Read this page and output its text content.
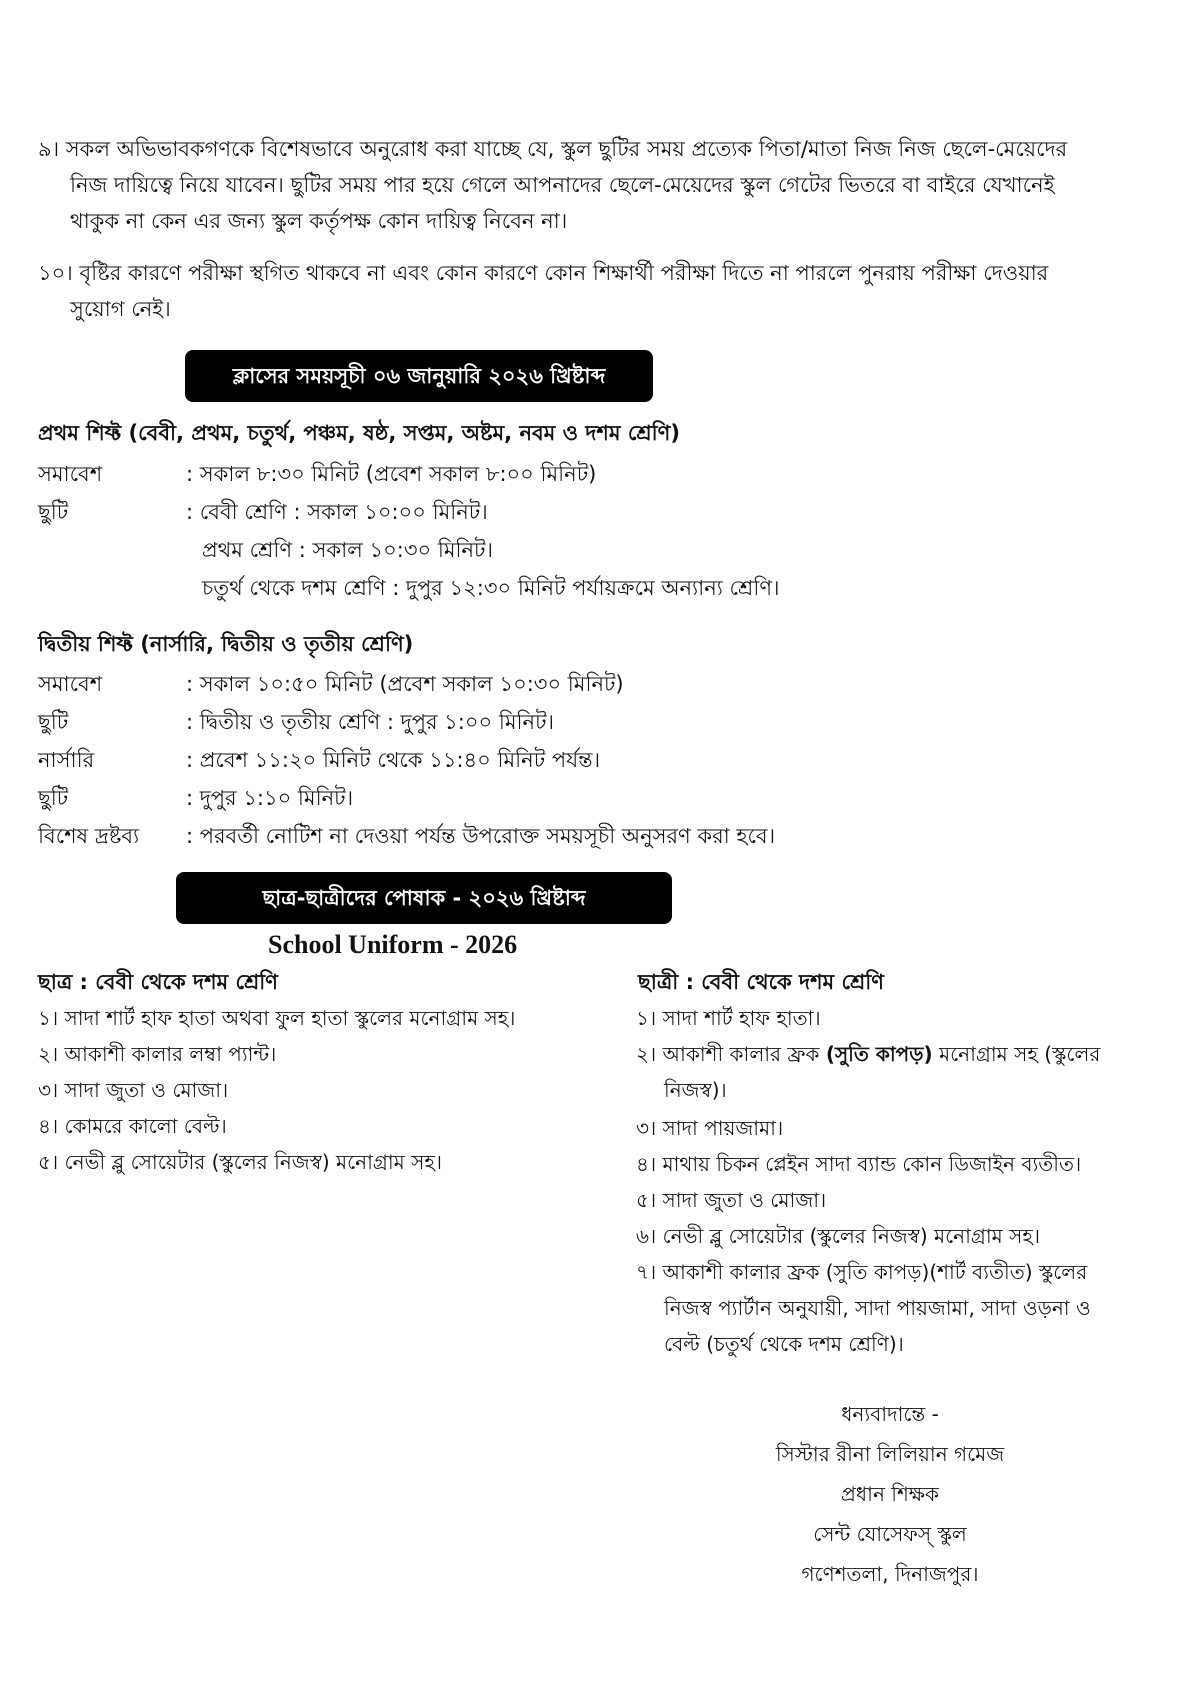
৯। সকল অভিভাবকগণকে বিশেষভাবে অনুরোধ করা যাচ্ছে যে, স্কুল ছুটির সময় প্রত্যেক পিতা/মাতা নিজ নিজ ছেলে-মেয়েদের
নিজ দায়িত্বে নিয়ে যাবেন। ছুটির সময় পার হয়ে গেলে আপনাদের ছেলে-মেয়েদের স্কুল গেটের ভিতরে বা বাইরে যেখানেই
থাকুক না কেন এর জন্য স্কুল কর্তৃপক্ষ কোন দায়িত্ব নিবেন না।
১০। বৃষ্টির কারণে পরীক্ষা স্থগিত থাকবে না এবং কোন কারণে কোন শিক্ষার্থী পরীক্ষা দিতে না পারলে পুনরায় পরীক্ষা দেওয়ার
সুয়োগ নেই।
ক্লাসের সময়সূচী ০৬ জানুয়ারি ২০২৬ খ্রিষ্টাব্দ
প্রথম শিফ্ট (বেবী, প্রথম, চতুর্থ, পঞ্চম, ষষ্ঠ, সপ্তম, অষ্টম, নবম ও দশম শ্রেণি)
সমাবেশ	: সকাল ৮:৩০ মিনিট (প্রবেশ সকাল ৮:০০ মিনিট)
ছুটি	: বেবী শ্রেণি : সকাল ১০:০০ মিনিট।
প্রথম শ্রেণি : সকাল ১০:৩০ মিনিট।
চতুর্থ থেকে দশম শ্রেণি : দুপুর ১২:৩০ মিনিট পর্যায়ক্রমে অন্যান্য শ্রেণি।
দ্বিতীয় শিফ্ট (নার্সারি, দ্বিতীয় ও তৃতীয় শ্রেণি)
সমাবেশ	: সকাল ১০:৫০ মিনিট (প্রবেশ সকাল ১০:৩০ মিনিট)
ছুটি	: দ্বিতীয় ও তৃতীয় শ্রেণি : দুপুর ১:০০ মিনিট।
নার্সারি	: প্রবেশ ১১:২০ মিনিট থেকে ১১:৪০ মিনিট পর্যন্ত।
ছুটি	: দুপুর ১:১০ মিনিট।
বিশেষ দ্রষ্টব্য : পরবর্তী নোটিশ না দেওয়া পর্যন্ত উপরোক্ত সময়সূচী অনুসরণ করা হবে।
ছাত্র-ছাত্রীদের পোষাক - ২০২৬ খ্রিষ্টাব্দ
School Uniform - 2026
ছাত্র : বেবী থেকে দশম শ্রেণি
১। সাদা শার্ট হাফ হাতা অথবা ফুল হাতা স্কুলের মনোগ্রাম সহ।
২। আকাশী কালার লম্বা প্যান্ট।
৩। সাদা জুতা ও মোজা।
৪। কোমরে কালো বেল্ট।
৫। নেভী ব্লু সোয়েটার (স্কুলের নিজস্ব) মনোগ্রাম সহ।
ছাত্রী : বেবী থেকে দশম শ্রেণি
১। সাদা শার্ট হাফ হাতা।
২। আকাশী কালার ফ্রক (সুতি কাপড়) মনোগ্রাম সহ (স্কুলের
নিজস্ব)।
৩। সাদা পায়জামা।
৪। মাথায় চিকন প্লেইন সাদা ব্যান্ড কোন ডিজাইন ব্যতীত।
৫। সাদা জুতা ও মোজা।
৬। নেভী ব্লু সোয়েটার (স্কুলের নিজস্ব) মনোগ্রাম সহ।
৭। আকাশী কালার ফ্রক (সুতি কাপড়)(শার্ট ব্যতীত) স্কুলের
নিজস্ব প্যার্টান অনুযায়ী, সাদা পায়জামা, সাদা ওড়না ও
বেল্ট (চতুর্থ থেকে দশম শ্রেণি)।
ধন্যবাদান্তে -
সিস্টার রীনা লিলিয়ান গমেজ
প্রধান শিক্ষক
সেন্ট যোসেফস্ স্কুল
গণেশতলা, দিনাজপুর।
